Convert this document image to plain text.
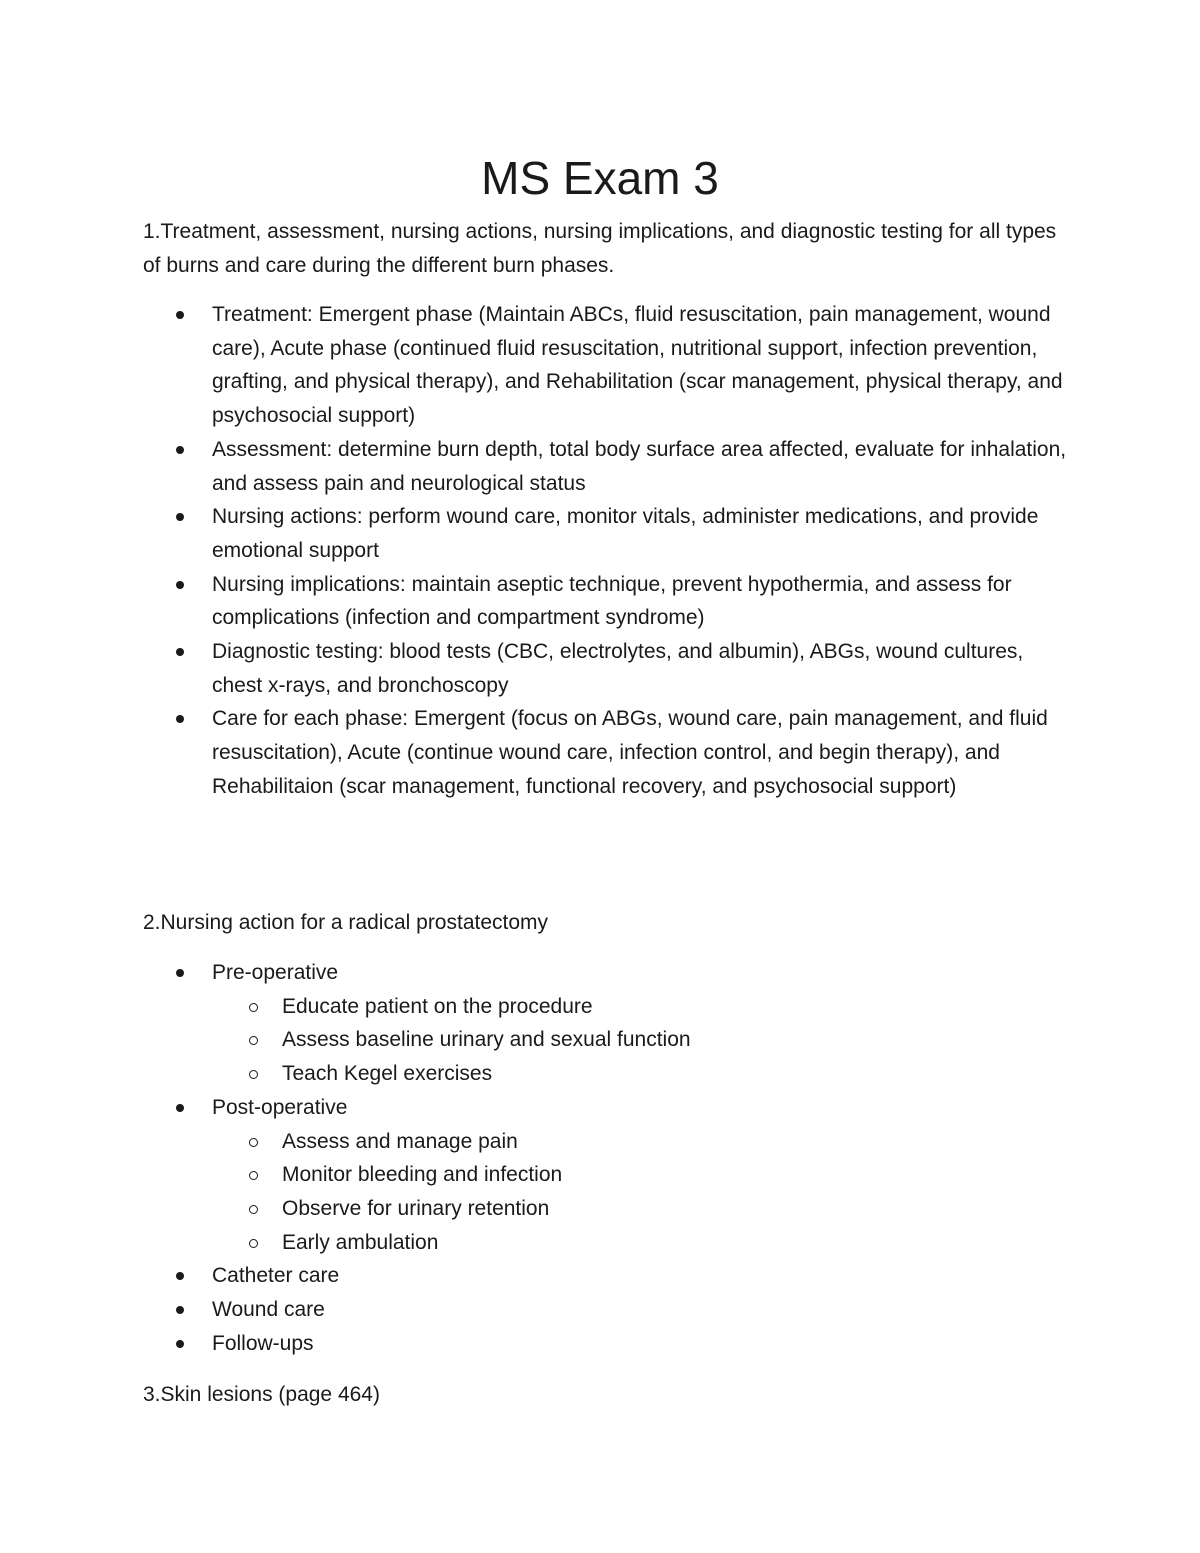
MS Exam 3

1.Treatment, assessment, nursing actions, nursing implications, and diagnostic testing for all types of burns and care during the different burn phases.

Treatment: Emergent phase (Maintain ABCs, fluid resuscitation, pain management, wound care), Acute phase (continued fluid resuscitation, nutritional support, infection prevention, grafting, and physical therapy), and Rehabilitation (scar management, physical therapy, and psychosocial support)
Assessment: determine burn depth, total body surface area affected, evaluate for inhalation, and assess pain and neurological status
Nursing actions: perform wound care, monitor vitals, administer medications, and provide emotional support
Nursing implications: maintain aseptic technique, prevent hypothermia, and assess for complications (infection and compartment syndrome)
Diagnostic testing: blood tests (CBC, electrolytes, and albumin), ABGs, wound cultures, chest x-rays, and bronchoscopy
Care for each phase: Emergent (focus on ABGs, wound care, pain management, and fluid resuscitation), Acute (continue wound care, infection control, and begin therapy), and Rehabilitaion (scar management, functional recovery, and psychosocial support)

2.Nursing action for a radical prostatectomy

Pre-operative
Educate patient on the procedure
Assess baseline urinary and sexual function
Teach Kegel exercises
Post-operative
Assess and manage pain
Monitor bleeding and infection
Observe for urinary retention
Early ambulation
Catheter care
Wound care
Follow-ups

3.Skin lesions (page 464)
